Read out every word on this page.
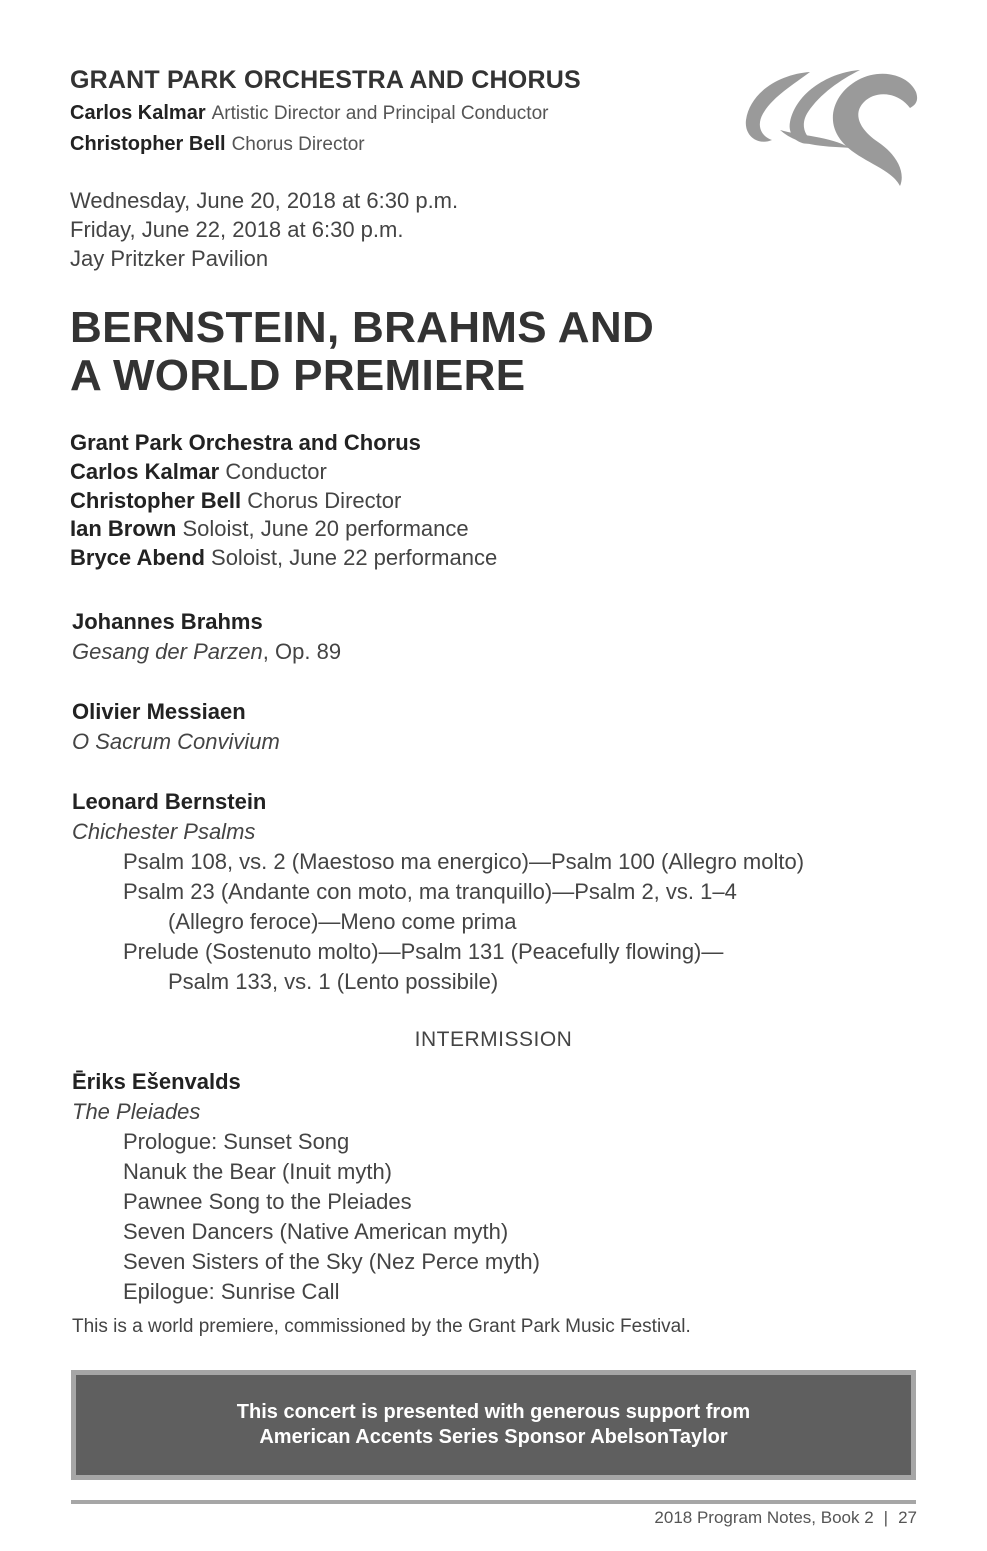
GRANT PARK ORCHESTRA AND CHORUS
Carlos Kalmar Artistic Director and Principal Conductor
Christopher Bell Chorus Director
Wednesday, June 20, 2018 at 6:30 p.m.
Friday, June 22, 2018 at 6:30 p.m.
Jay Pritzker Pavilion
BERNSTEIN, BRAHMS AND
A WORLD PREMIERE
Grant Park Orchestra and Chorus
Carlos Kalmar Conductor
Christopher Bell Chorus Director
Ian Brown Soloist, June 20 performance
Bryce Abend Soloist, June 22 performance
Johannes Brahms
Gesang der Parzen, Op. 89
Olivier Messiaen
O Sacrum Convivium
Leonard Bernstein
Chichester Psalms
Psalm 108, vs. 2 (Maestoso ma energico)—Psalm 100 (Allegro molto)
Psalm 23 (Andante con moto, ma tranquillo)—Psalm 2, vs. 1–4
(Allegro feroce)—Meno come prima
Prelude (Sostenuto molto)—Psalm 131 (Peacefully flowing)—
Psalm 133, vs. 1 (Lento possibile)
INTERMISSION
Ēriks Ešenvalds
The Pleiades
Prologue: Sunset Song
Nanuk the Bear (Inuit myth)
Pawnee Song to the Pleiades
Seven Dancers (Native American myth)
Seven Sisters of the Sky (Nez Perce myth)
Epilogue: Sunrise Call
This is a world premiere, commissioned by the Grant Park Music Festival.
This concert is presented with generous support from
American Accents Series Sponsor AbelsonTaylor
2018 Program Notes, Book 2 | 27
